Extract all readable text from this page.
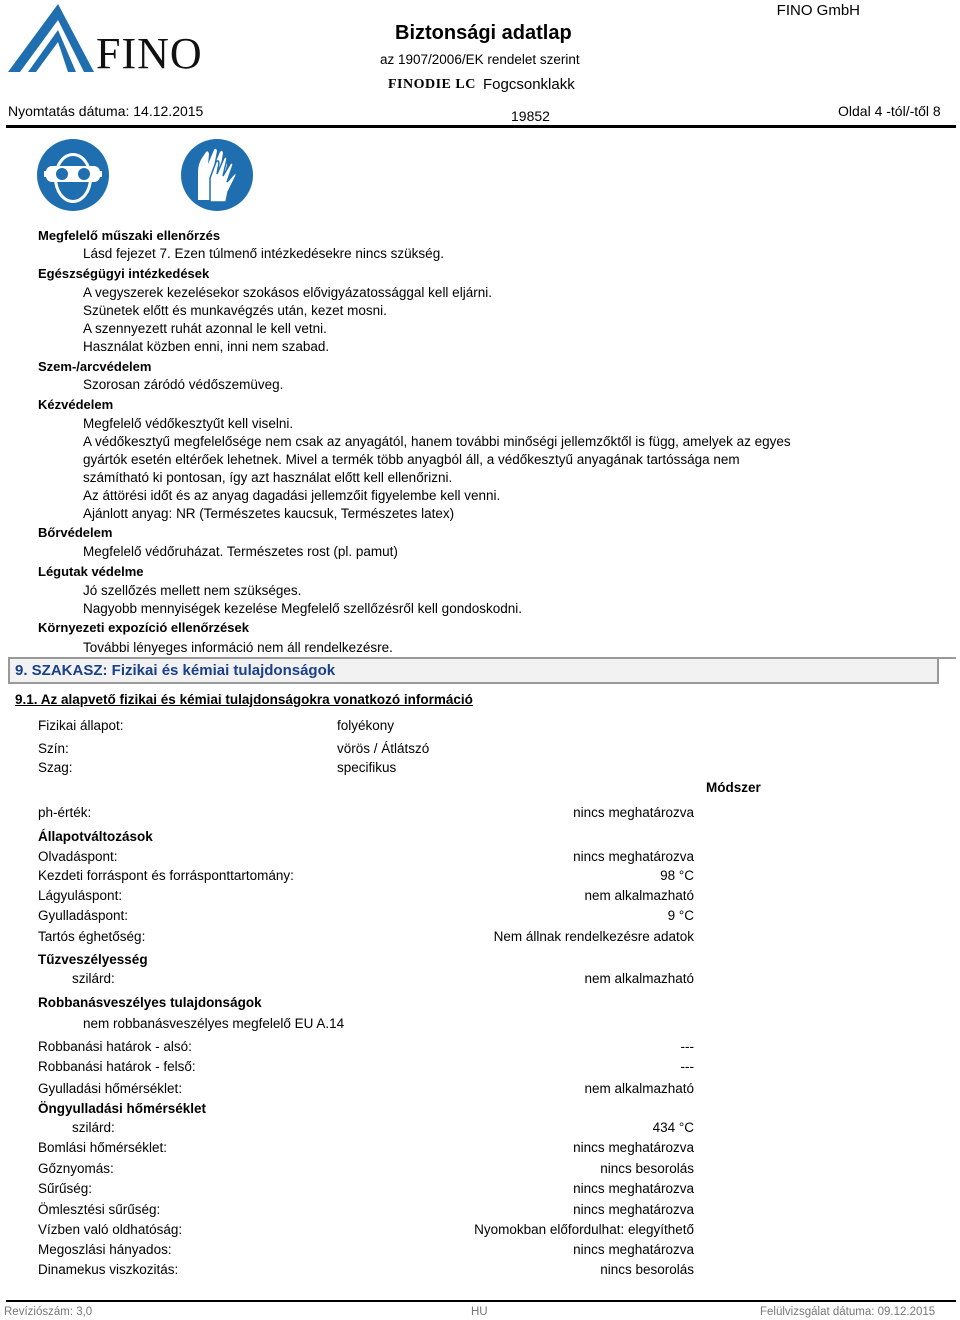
FINO	Biztonsági adatlap
az 1907/2006/EK rendelet szerint
FINODIE LC Fogcsonklakk
FINO GmbH
Nyomtatás dátuma: 14.12.2015	19852	Oldal 4 -tól/-től 8
Megfelelő műszaki ellenőrzés
Lásd fejezet 7. Ezen túlmenő intézkedésekre nincs szükség.
Egészségügyi intézkedések
A vegyszerek kezelésekor szokásos elővigyázatossággal kell eljárni.
Szünetek előtt és munkavégzés után, kezet mosni.
A szennyezett ruhát azonnal le kell vetni.
Használat közben enni, inni nem szabad.
Szem-/arcvédelem
Szorosan záródó védőszemüveg.
Kézvédelem
Megfelelő védőkesztyűt kell viselni.
A védőkesztyű megfelelősége nem csak az anyagától, hanem további minőségi jellemzőktől is függ, amelyek az egyes
gyártók esetén eltérőek lehetnek. Mivel a termék több anyagból áll, a védőkesztyű anyagának tartóssága nem
számítható ki pontosan, így azt használat előtt kell ellenőrizni.
Az áttörési időt és az anyag dagadási jellemzőit figyelembe kell venni.
Ajánlott anyag: NR (Természetes kaucsuk, Természetes latex)
Bőrvédelem
Megfelelő védőruházat. Természetes rost (pl. pamut)
Légutak védelme
Jó szellőzés mellett nem szükséges.
Nagyobb mennyiségek kezelése Megfelelő szellőzésről kell gondoskodni.
Környezeti expozíció ellenőrzések
További lényeges információ nem áll rendelkezésre.
9. SZAKASZ: Fizikai és kémiai tulajdonságok
9.1. Az alapvető fizikai és kémiai tulajdonságokra vonatkozó információ
Fizikai állapot:	folyékony
Szín:	vörös / Átlátszó
Szag:	specifikus
Módszer
ph-érték:	nincs meghatározva
Állapotváltozások
Olvadáspont:	nincs meghatározva
Kezdeti forráspont és forrásponttartomány:	98 °C
Lágyuláspont:	nem alkalmazható
Gyulladáspont:	9 °C
Tartós éghetőség:	Nem állnak rendelkezésre adatok
Tűzveszélyesség
szilárd:	nem alkalmazható
Robbanásveszélyes tulajdonságok
nem robbanásveszélyes megfelelő EU A.14
Robbanási határok - alsó:	---
Robbanási határok - felső:	---
Gyulladási hőmérséklet:	nem alkalmazható
Öngyulladási hőmérséklet
szilárd:	434 °C
Bomlási hőmérséklet:	nincs meghatározva
Gőznyomás:	nincs besorolás
Sűrűség:	nincs meghatározva
Ömlesztési sűrűség:	nincs meghatározva
Vízben való oldhatóság:	Nyomokban előfordulhat: elegyíthető
Megoszlási hányados:	nincs meghatározva
Dinamekus viszkozitás:	nincs besorolás
Revíziószám: 3,0	HU	Felülvizsgálat dátuma: 09.12.2015
